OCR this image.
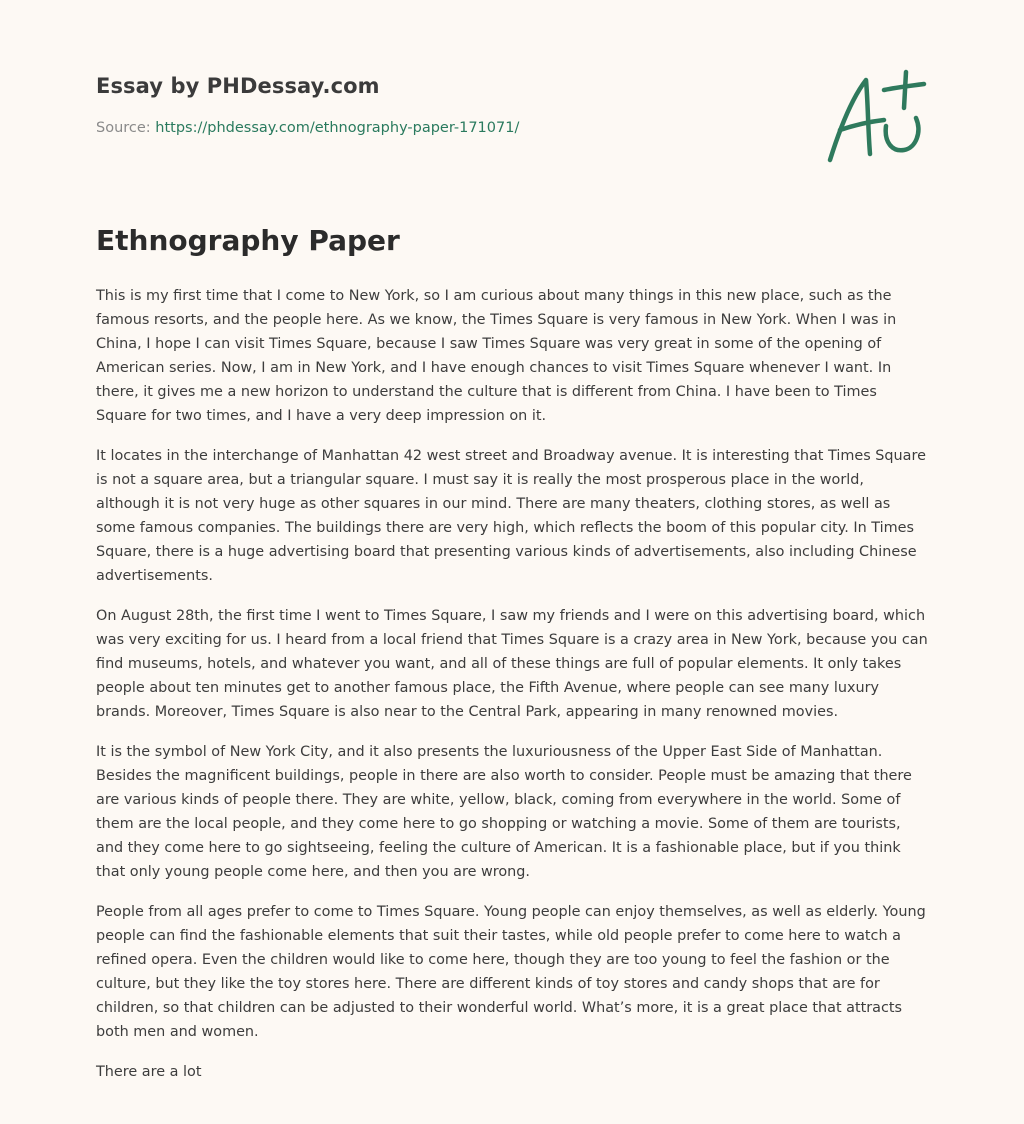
Essay by PHDessay.com
Source: https://phdessay.com/ethnography-paper-171071/
Ethnography Paper

This is my first time that I come to New York, so I am curious about many things in this new place, such as the famous resorts, and the people here. As we know, the Times Square is very famous in New York. When I was in China, I hope I can visit Times Square, because I saw Times Square was very great in some of the opening of American series. Now, I am in New York, and I have enough chances to visit Times Square whenever I want. In there, it gives me a new horizon to understand the culture that is different from China. I have been to Times Square for two times, and I have a very deep impression on it.

It locates in the interchange of Manhattan 42 west street and Broadway avenue. It is interesting that Times Square is not a square area, but a triangular square. I must say it is really the most prosperous place in the world, although it is not very huge as other squares in our mind. There are many theaters, clothing stores, as well as some famous companies. The buildings there are very high, which reflects the boom of this popular city. In Times Square, there is a huge advertising board that presenting various kinds of advertisements, also including Chinese advertisements.

On August 28th, the first time I went to Times Square, I saw my friends and I were on this advertising board, which was very exciting for us. I heard from a local friend that Times Square is a crazy area in New York, because you can find museums, hotels, and whatever you want, and all of these things are full of popular elements. It only takes people about ten minutes get to another famous place, the Fifth Avenue, where people can see many luxury brands. Moreover, Times Square is also near to the Central Park, appearing in many renowned movies.

It is the symbol of New York City, and it also presents the luxuriousness of the Upper East Side of Manhattan. Besides the magnificent buildings, people in there are also worth to consider. People must be amazing that there are various kinds of people there. They are white, yellow, black, coming from everywhere in the world. Some of them are the local people, and they come here to go shopping or watching a movie. Some of them are tourists, and they come here to go sightseeing, feeling the culture of American. It is a fashionable place, but if you think that only young people come here, and then you are wrong.

People from all ages prefer to come to Times Square. Young people can enjoy themselves, as well as elderly. Young people can find the fashionable elements that suit their tastes, while old people prefer to come here to watch a refined opera. Even the children would like to come here, though they are too young to feel the fashion or the culture, but they like the toy stores here. There are different kinds of toy stores and candy shops that are for children, so that children can be adjusted to their wonderful world. What’s more, it is a great place that attracts both men and women.

There are a lot
